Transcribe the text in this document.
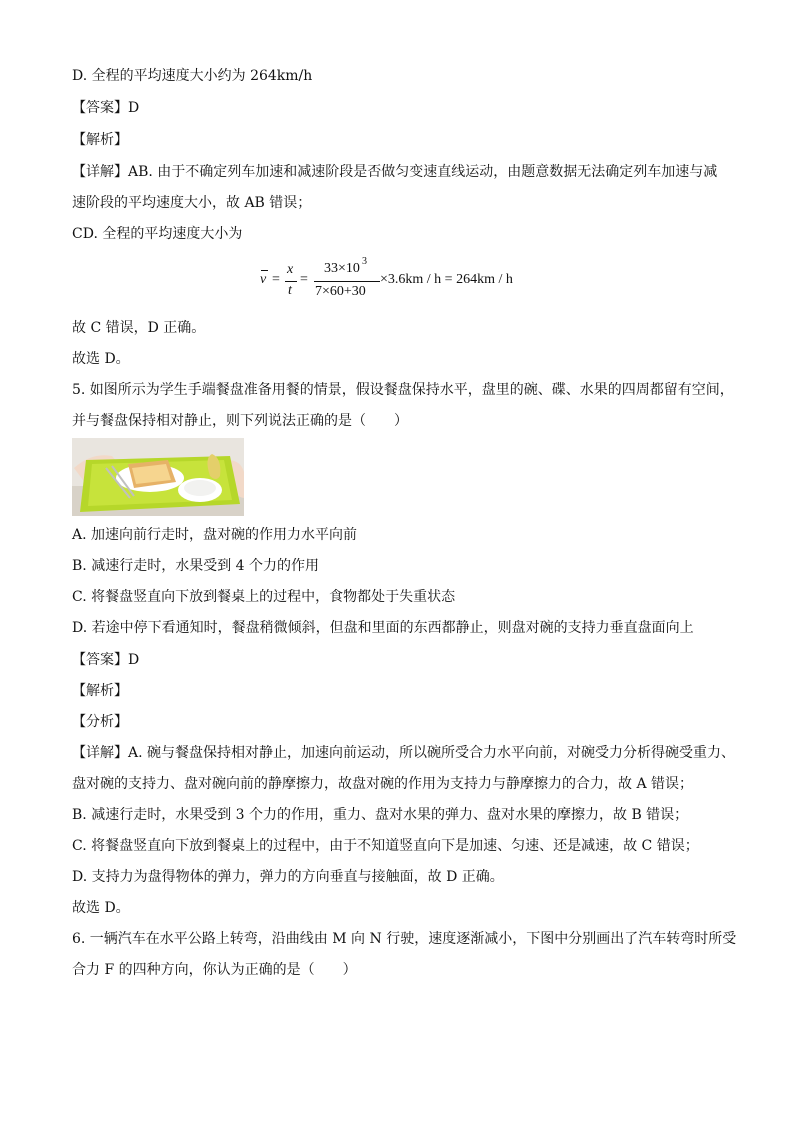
D. 全程的平均速度大小约为 264km/h
【答案】D
【解析】
【详解】AB. 由于不确定列车加速和减速阶段是否做匀变速直线运动，由题意数据无法确定列车加速与减
速阶段的平均速度大小，故 AB 错误；
CD. 全程的平均速度大小为
v =
x
t
=
33×10 3
7×60+30
×3.6km / h = 264km / h
故 C 错误，D 正确。
故选 D。
5. 如图所示为学生手端餐盘准备用餐的情景，假设餐盘保持水平，盘里的碗、碟、水果的四周都留有空间，
并与餐盘保持相对静止，则下列说法正确的是（　　）
A. 加速向前行走时，盘对碗的作用力水平向前
B. 减速行走时，水果受到 4 个力的作用
C. 将餐盘竖直向下放到餐桌上的过程中，食物都处于失重状态
D. 若途中停下看通知时，餐盘稍微倾斜，但盘和里面的东西都静止，则盘对碗的支持力垂直盘面向上
【答案】D
【解析】
【分析】
【详解】A. 碗与餐盘保持相对静止，加速向前运动，所以碗所受合力水平向前，对碗受力分析得碗受重力、
盘对碗的支持力、盘对碗向前的静摩擦力，故盘对碗的作用为支持力与静摩擦力的合力，故 A 错误；
B. 减速行走时，水果受到 3 个力的作用，重力、盘对水果的弹力、盘对水果的摩擦力，故 B 错误；
C. 将餐盘竖直向下放到餐桌上的过程中，由于不知道竖直向下是加速、匀速、还是减速，故 C 错误；
D. 支持力为盘得物体的弹力，弹力的方向垂直与接触面，故 D 正确。
故选 D。
6. 一辆汽车在水平公路上转弯，沿曲线由 M 向 N 行驶，速度逐渐减小，下图中分别画出了汽车转弯时所受
合力 F 的四种方向，你认为正确的是（　　）
